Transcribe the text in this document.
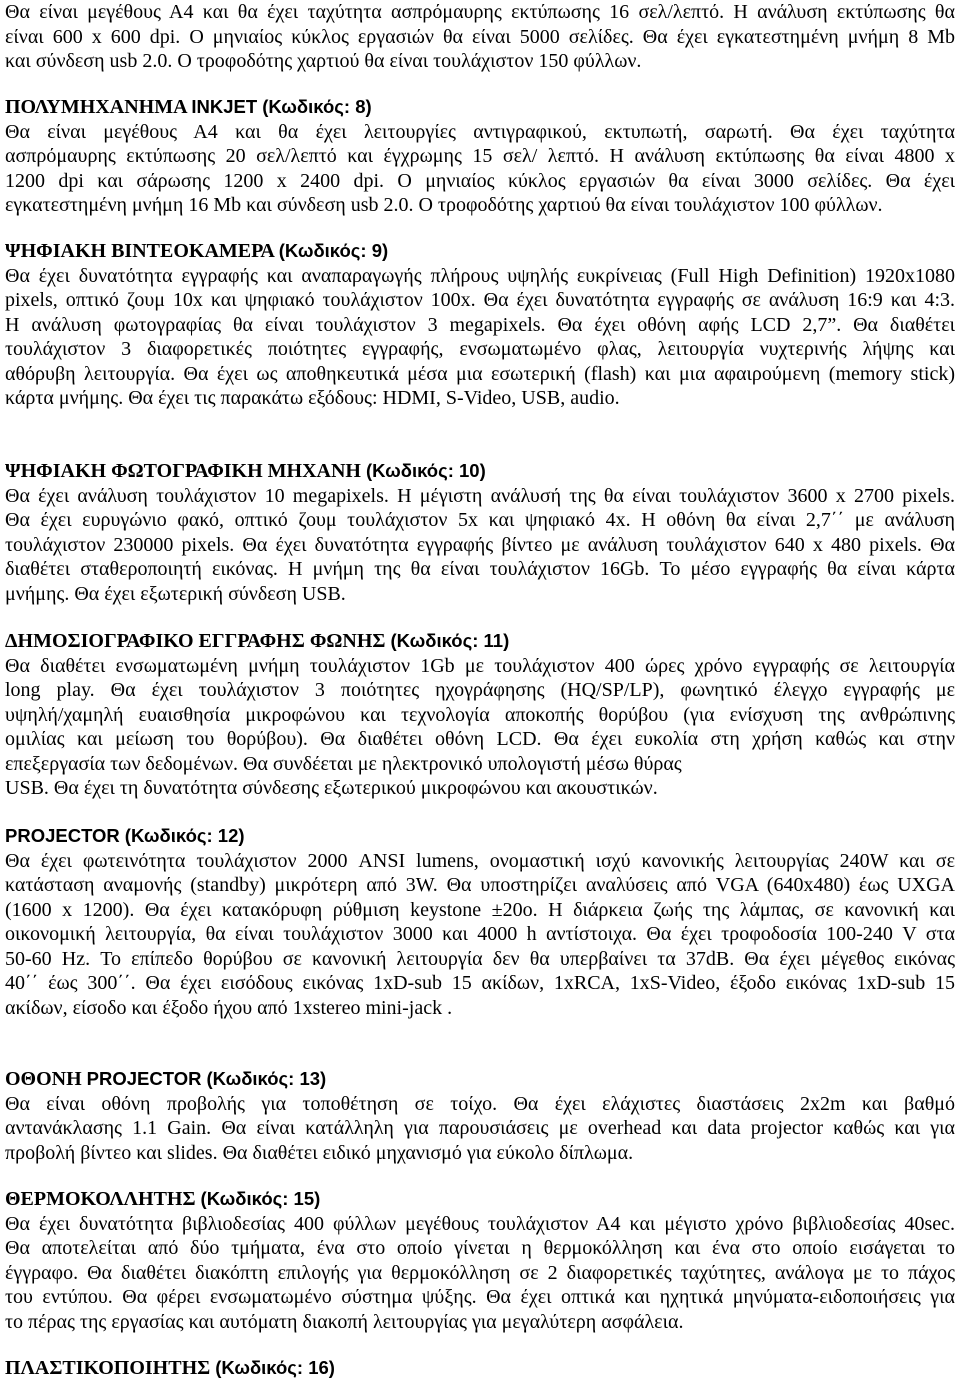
Θα είναι μεγέθους Α4 και θα έχει ταχύτητα ασπρόμαυρης εκτύπωσης 16 σελ/λεπτό. Η ανάλυση εκτύπωσης θα
είναι 600 x 600 dpi. Ο μηνιαίος κύκλος εργασιών θα είναι 5000 σελίδες. Θα έχει εγκατεστημένη μνήμη 8 Mb
και σύνδεση usb 2.0. Ο τροφοδότης χαρτιού θα είναι τουλάχιστον 150 φύλλων.
ΠΟΛΥΜΗΧΑΝΗΜΑ INKJET (Κωδικός: 8)
Θα είναι μεγέθους Α4 και θα έχει λειτουργίες αντιγραφικού, εκτυπωτή, σαρωτή. Θα έχει ταχύτητα
ασπρόμαυρης εκτύπωσης 20 σελ/λεπτό και έγχρωμης 15 σελ/ λεπτό. Η ανάλυση εκτύπωσης θα είναι 4800 x
1200 dpi και σάρωσης 1200 x 2400 dpi. Ο μηνιαίος κύκλος εργασιών θα είναι 3000 σελίδες. Θα έχει
εγκατεστημένη μνήμη 16 Mb και σύνδεση usb 2.0. Ο τροφοδότης χαρτιού θα είναι τουλάχιστον 100 φύλλων.
ΨΗΦΙΑΚΗ ΒΙΝΤΕΟΚΑΜΕΡΑ (Κωδικός: 9)
Θα έχει δυνατότητα εγγραφής και αναπαραγωγής πλήρους υψηλής ευκρίνειας (Full High Definition) 1920x1080
pixels, οπτικό ζουμ 10x και ψηφιακό τουλάχιστον 100x. Θα έχει δυνατότητα εγγραφής σε ανάλυση 16:9 και 4:3.
Η ανάλυση φωτογραφίας θα είναι τουλάχιστον 3 megapixels. Θα έχει οθόνη αφής LCD 2,7”. Θα διαθέτει
τουλάχιστον 3 διαφορετικές ποιότητες εγγραφής, ενσωματωμένο φλας, λειτουργία νυχτερινής λήψης και
αθόρυβη λειτουργία. Θα έχει ως αποθηκευτικά μέσα μια εσωτερική (flash) και μια αφαιρούμενη (memory stick)
κάρτα μνήμης. Θα έχει τις παρακάτω εξόδους: HDMI, S-Video, USB, audio.
ΨΗΦΙΑΚΗ ΦΩΤΟΓΡΑΦΙΚΗ ΜΗΧΑΝΗ (Κωδικός: 10)
Θα έχει ανάλυση τουλάχιστον 10 megapixels. Η μέγιστη ανάλυσή της θα είναι τουλάχιστον 3600 x 2700 pixels.
Θα έχει ευρυγώνιο φακό, οπτικό ζουμ τουλάχιστον 5x και ψηφιακό 4x. Η οθόνη θα είναι 2,7΄΄ με ανάλυση
τουλάχιστον 230000 pixels. Θα έχει δυνατότητα εγγραφής βίντεο με ανάλυση τουλάχιστον 640 x 480 pixels. Θα
διαθέτει σταθεροποιητή εικόνας. Η μνήμη της θα είναι τουλάχιστον 16Gb. Το μέσο εγγραφής θα είναι κάρτα
μνήμης. Θα έχει εξωτερική σύνδεση USB.
ΔΗΜΟΣΙΟΓΡΑΦΙΚΟ ΕΓΓΡΑΦΗΣ ΦΩΝΗΣ (Κωδικός: 11)
Θα διαθέτει ενσωματωμένη μνήμη τουλάχιστον 1Gb με τουλάχιστον 400 ώρες χρόνο εγγραφής σε λειτουργία
long play. Θα έχει τουλάχιστον 3 ποιότητες ηχογράφησης (HQ/SP/LP), φωνητικό έλεγχο εγγραφής με
υψηλή/χαμηλή ευαισθησία μικροφώνου και τεχνολογία αποκοπής θορύβου (για ενίσχυση της ανθρώπινης
ομιλίας και μείωση του θορύβου). Θα διαθέτει οθόνη LCD. Θα έχει ευκολία στη χρήση καθώς και στην
επεξεργασία των δεδομένων. Θα συνδέεται με ηλεκτρονικό υπολογιστή μέσω θύρας
USB. Θα έχει τη δυνατότητα σύνδεσης εξωτερικού μικροφώνου και ακουστικών.
PROJECTOR (Κωδικός: 12)
Θα έχει φωτεινότητα τουλάχιστον 2000 ANSI lumens, ονομαστική ισχύ κανονικής λειτουργίας 240W και σε
κατάσταση αναμονής (standby) μικρότερη από 3W. Θα υποστηρίζει αναλύσεις από VGA (640x480) έως UXGA
(1600 x 1200). Θα έχει κατακόρυφη ρύθμιση keystone ±20ο. Η διάρκεια ζωής της λάμπας, σε κανονική και
οικονομική λειτουργία, θα είναι τουλάχιστον 3000 και 4000 h αντίστοιχα. Θα έχει τροφοδοσία 100-240 V στα
50-60 Hz. Το επίπεδο θορύβου σε κανονική λειτουργία δεν θα υπερβαίνει τα 37dB. Θα έχει μέγεθος εικόνας
40΄΄ έως 300΄΄. Θα έχει εισόδους εικόνας 1xD-sub 15 ακίδων, 1xRCA, 1xS-Video, έξοδο εικόνας 1xD-sub 15
ακίδων, είσοδο και έξοδο ήχου από 1xstereo mini-jack .
ΟΘΟΝΗ PROJECTOR (Κωδικός: 13)
Θα είναι οθόνη προβολής για τοποθέτηση σε τοίχο. Θα έχει ελάχιστες διαστάσεις 2x2m και βαθμό
αντανάκλασης 1.1 Gain. Θα είναι κατάλληλη για παρουσιάσεις με overhead και data projector καθώς και για
προβολή βίντεο και slides. Θα διαθέτει ειδικό μηχανισμό για εύκολο δίπλωμα.
ΘΕΡΜΟΚΟΛΛΗΤΗΣ (Κωδικός: 15)
Θα έχει δυνατότητα βιβλιοδεσίας 400 φύλλων μεγέθους τουλάχιστον Α4 και μέγιστο χρόνο βιβλιοδεσίας 40sec.
Θα αποτελείται από δύο τμήματα, ένα στο οποίο γίνεται η θερμοκόλληση και ένα στο οποίο εισάγεται το
έγγραφο. Θα διαθέτει διακόπτη επιλογής για θερμοκόλληση σε 2 διαφορετικές ταχύτητες, ανάλογα με το πάχος
του εντύπου. Θα φέρει ενσωματωμένο σύστημα ψύξης. Θα έχει οπτικά και ηχητικά μηνύματα-ειδοποιήσεις για
το πέρας της εργασίας και αυτόματη διακοπή λειτουργίας για μεγαλύτερη ασφάλεια.
ΠΛΑΣΤΙΚΟΠΟΙΗΤΗΣ (Κωδικός: 16)
